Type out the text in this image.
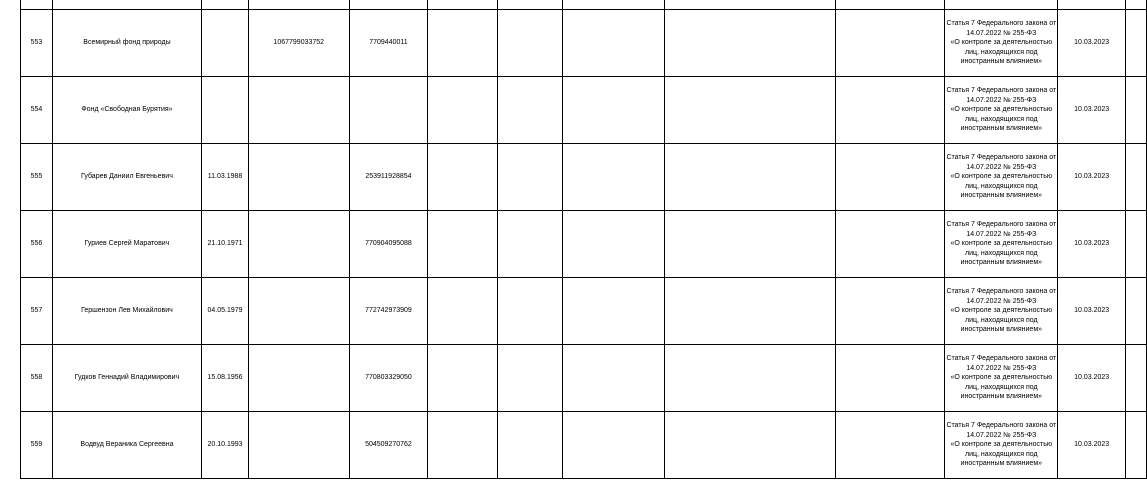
553	Всемирный фонд природы		1067799033752	7709440011						Статья 7 Федерального закона от
14.07.2022 № 255-ФЗ
«О контроле за деятельностью
лиц, находящихся под
иностранным влиянием»	10.03.2023	
554	Фонд «Свободная Бурятия»									Статья 7 Федерального закона от
14.07.2022 № 255-ФЗ
«О контроле за деятельностью
лиц, находящихся под
иностранным влиянием»	10.03.2023	
555	Губарев Даниил Евгеньевич	11.03.1988		253911928854						Статья 7 Федерального закона от
14.07.2022 № 255-ФЗ
«О контроле за деятельностью
лиц, находящихся под
иностранным влиянием»	10.03.2023	
556	Гуриев Сергей Маратович	21.10.1971		770904095088						Статья 7 Федерального закона от
14.07.2022 № 255-ФЗ
«О контроле за деятельностью
лиц, находящихся под
иностранным влиянием»	10.03.2023	
557	Гершензон Лев Михайлович	04.05.1979		772742973909						Статья 7 Федерального закона от
14.07.2022 № 255-ФЗ
«О контроле за деятельностью
лиц, находящихся под
иностранным влиянием»	10.03.2023	
558	Гудков Геннадий Владимирович	15.08.1956		770803329050						Статья 7 Федерального закона от
14.07.2022 № 255-ФЗ
«О контроле за деятельностью
лиц, находящихся под
иностранным влиянием»	10.03.2023	
559	Водвуд Вераника Сергеевна	20.10.1993		504509270762						Статья 7 Федерального закона от
14.07.2022 № 255-ФЗ
«О контроле за деятельностью
лиц, находящихся под
иностранным влиянием»	10.03.2023	
